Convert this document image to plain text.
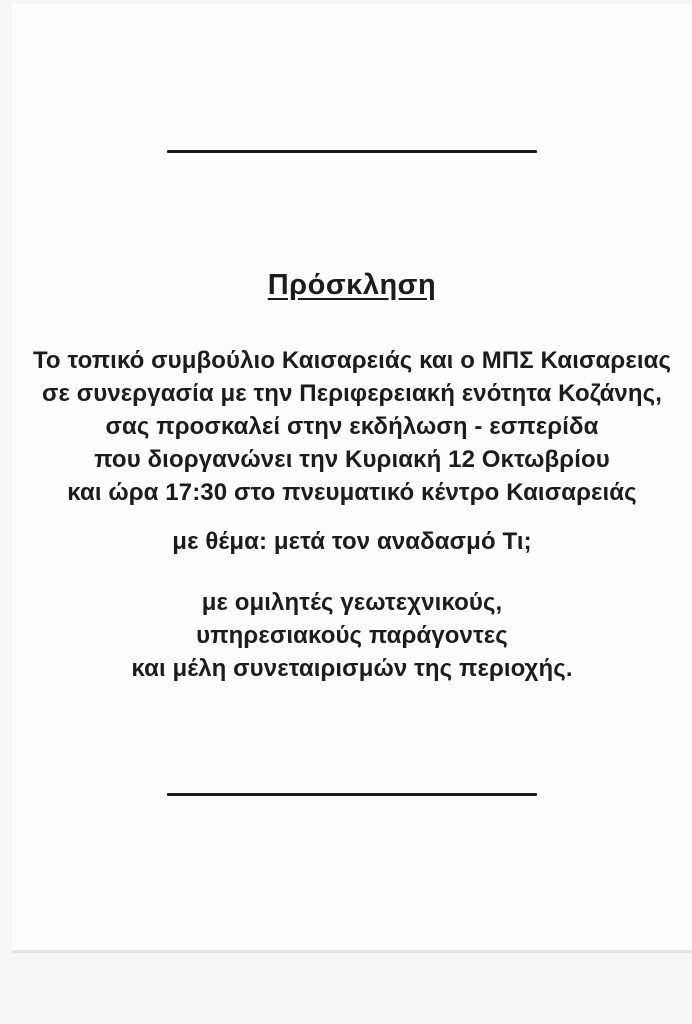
Πρόσκληση
Το τοπικό συμβούλιο Καισαρειάς και ο ΜΠΣ Καισαρειας
σε συνεργασία με την Περιφερειακή ενότητα Κοζάνης,
σας προσκαλεί στην εκδήλωση - εσπερίδα
που διοργανώνει την Κυριακή 12 Οκτωβρίου
και ώρα 17:30 στο πνευματικό κέντρο Καισαρειάς
με θέμα: μετά τον αναδασμό Τι;
με ομιλητές γεωτεχνικούς,
υπηρεσιακούς παράγοντες
και μέλη συνεταιρισμών της περιοχής.
